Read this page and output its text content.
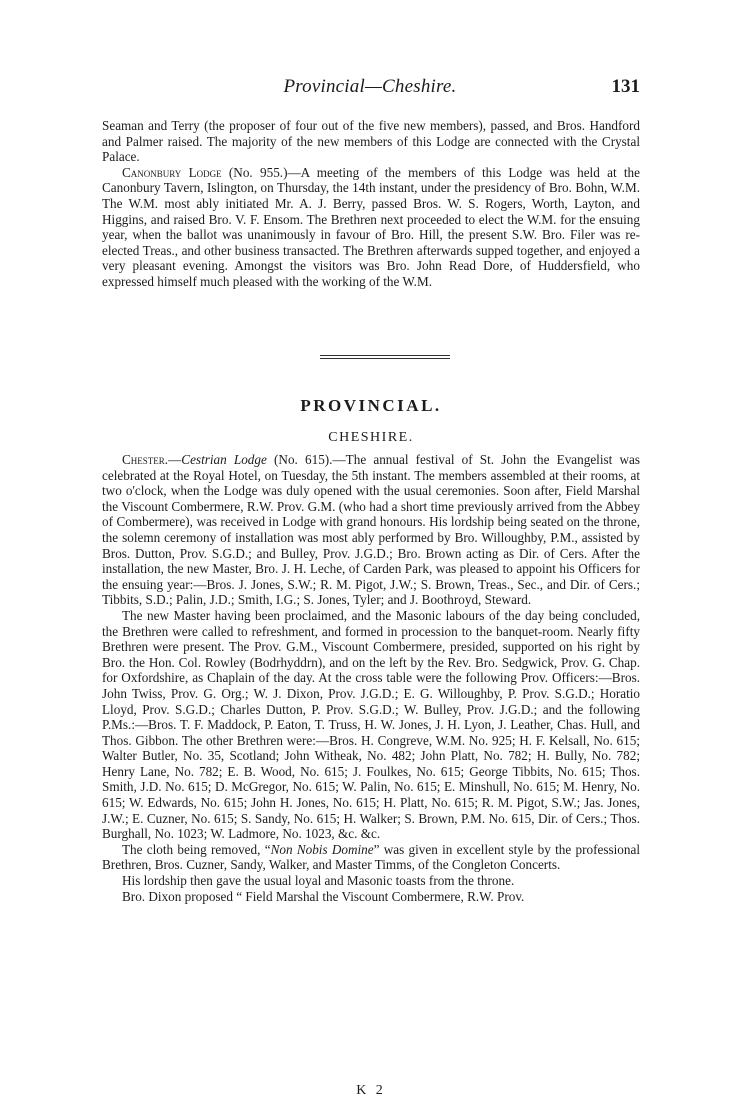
Provincial—Cheshire.	131

Seaman and Terry (the proposer of four out of the five new members), passed, and Bros. Handford and Palmer raised. The majority of the new members of this Lodge are connected with the Crystal Palace.

Canonbury Lodge (No. 955.)—A meeting of the members of this Lodge was held at the Canonbury Tavern, Islington, on Thursday, the 14th instant, under the presidency of Bro. Bohn, W.M. The W.M. most ably initiated Mr. A. J. Berry, passed Bros. W. S. Rogers, Worth, Layton, and Higgins, and raised Bro. V. F. Ensom. The Brethren next proceeded to elect the W.M. for the ensuing year, when the ballot was unanimously in favour of Bro. Hill, the present S.W. Bro. Filer was re-elected Treas., and other business transacted. The Brethren afterwards supped together, and enjoyed a very pleasant evening. Amongst the visitors was Bro. John Read Dore, of Huddersfield, who expressed himself much pleased with the working of the W.M.

PROVINCIAL.
CHESHIRE.

Chester.—Cestrian Lodge (No. 615).—The annual festival of St. John the Evangelist was celebrated at the Royal Hotel, on Tuesday, the 5th instant. The members assembled at their rooms, at two o'clock, when the Lodge was duly opened with the usual ceremonies. Soon after, Field Marshal the Viscount Combermere, R.W. Prov. G.M. (who had a short time previously arrived from the Abbey of Combermere), was received in Lodge with grand honours. His lordship being seated on the throne, the solemn ceremony of installation was most ably performed by Bro. Willoughby, P.M., assisted by Bros. Dutton, Prov. S.G.D.; and Bulley, Prov. J.G.D.; Bro. Brown acting as Dir. of Cers. After the installation, the new Master, Bro. J. H. Leche, of Carden Park, was pleased to appoint his Officers for the ensuing year:—Bros. J. Jones, S.W.; R. M. Pigot, J.W.; S. Brown, Treas., Sec., and Dir. of Cers.; Tibbits, S.D.; Palin, J.D.; Smith, I.G.; S. Jones, Tyler; and J. Boothroyd, Steward.

The new Master having been proclaimed, and the Masonic labours of the day being concluded, the Brethren were called to refreshment, and formed in procession to the banquet-room. Nearly fifty Brethren were present. The Prov. G.M., Viscount Combermere, presided, supported on his right by Bro. the Hon. Col. Rowley (Bodrhyddrn), and on the left by the Rev. Bro. Sedgwick, Prov. G. Chap. for Oxfordshire, as Chaplain of the day. At the cross table were the following Prov. Officers:—Bros. John Twiss, Prov. G. Org.; W. J. Dixon, Prov. J.G.D.; E. G. Willoughby, P. Prov. S.G.D.; Horatio Lloyd, Prov. S.G.D.; Charles Dutton, P. Prov. S.G.D.; W. Bulley, Prov. J.G.D.; and the following P.Ms.:—Bros. T. F. Maddock, P. Eaton, T. Truss, H. W. Jones, J. H. Lyon, J. Leather, Chas. Hull, and Thos. Gibbon. The other Brethren were:—Bros. H. Congreve, W.M. No. 925; H. F. Kelsall, No. 615; Walter Butler, No. 35, Scotland; John Witheak, No. 482; John Platt, No. 782; H. Bully, No. 782; Henry Lane, No. 782; E. B. Wood, No. 615; J. Foulkes, No. 615; George Tibbits, No. 615; Thos. Smith, J.D. No. 615; D. McGregor, No. 615; W. Palin, No. 615; E. Minshull, No. 615; M. Henry, No. 615; W. Edwards, No. 615; John H. Jones, No. 615; H. Platt, No. 615; R. M. Pigot, S.W.; Jas. Jones, J.W.; E. Cuzner, No. 615; S. Sandy, No. 615; H. Walker; S. Brown, P.M. No. 615, Dir. of Cers.; Thos. Burghall, No. 1023; W. Ladmore, No. 1023, &c. &c.

The cloth being removed, “Non Nobis Domine” was given in excellent style by the professional Brethren, Bros. Cuzner, Sandy, Walker, and Master Timms, of the Congleton Concerts.

His lordship then gave the usual loyal and Masonic toasts from the throne.

Bro. Dixon proposed “ Field Marshal the Viscount Combermere, R.W. Prov.

K 2
